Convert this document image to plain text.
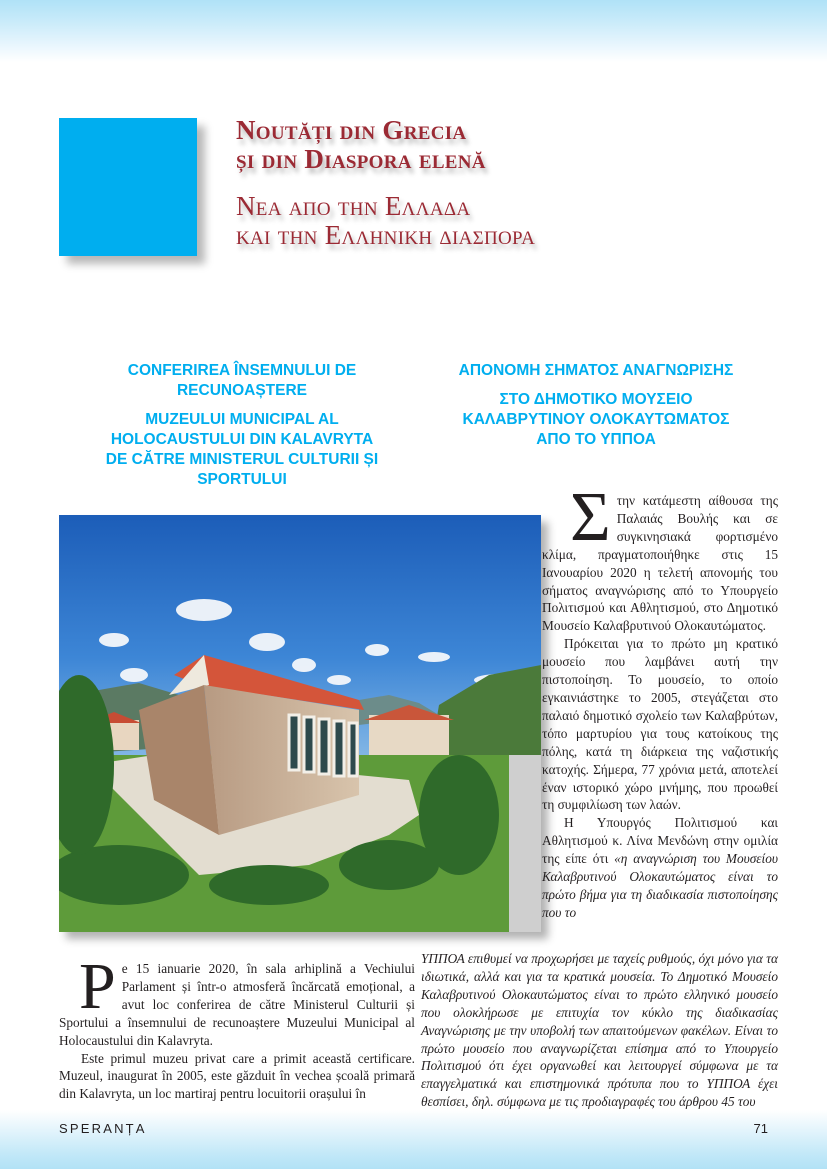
Noutăți din Grecia
și din Diaspora elenă
Νεα απο την Ελλαδα
και την Ελληνικη διασπορα
CONFERIREA ÎNSEMNULUI DE
RECUNOAȘTERE
MUZEULUI MUNICIPAL AL
HOLOCAUSTULUI DIN KALAVRYTA
DE CĂTRE MINISTERUL CULTURII ȘI
SPORTULUI
ΑΠΟΝΟΜΗ ΣΗΜΑΤΟΣ ΑΝΑΓΝΩΡΙΣΗΣ
ΣΤΟ ΔΗΜΟΤΙΚΟ ΜΟΥΣΕΙΟ
ΚΑΛΑΒΡΥΤΙΝΟΥ ΟΛΟΚΑΥΤΩΜΑΤΟΣ
ΑΠΟ ΤΟ ΥΠΠΟΑ

Σ την κατάμεστη αίθουσα της Παλαιάς Βουλής και σε συγκινησιακά φορτισμένο κλίμα, πραγματοποιήθηκε στις 15 Ιανουαρίου 2020 η τελετή απονομής του σήματος αναγνώρισης από το Υπουργείο Πολιτισμού και Αθλητισμού, στο Δημοτικό Μουσείο Καλαβρυτινού Ολοκαυτώματος.

Πρόκειται για το πρώτο μη κρατικό μουσείο που λαμβάνει αυτή την πιστοποίηση. Το μουσείο, το οποίο εγκαινιάστηκε το 2005, στεγάζεται στο παλαιό δημοτικό σχολείο των Καλαβρύτων, τόπο μαρτυρίου για τους κατοίκους της πόλης, κατά τη διάρκεια της ναζιστικής κατοχής. Σήμερα, 77 χρόνια μετά, αποτελεί έναν ιστορικό χώρο μνήμης, που προωθεί τη συμφιλίωση των λαών.

Η Υπουργός Πολιτισμού και Αθλητισμού κ. Λίνα Μενδώνη στην ομιλία της είπε ότι «η αναγνώριση του Μουσείου Καλαβρυτινού Ολοκαυτώματος είναι το πρώτο βήμα για τη διαδικασία πιστοποίησης που το

ΥΠΠΟΑ επιθυμεί να προχωρήσει με ταχείς ρυθμούς, όχι μόνο για τα ιδιωτικά, αλλά και για τα κρατικά μουσεία. Το Δημοτικό Μουσείο Καλαβρυτινού Ολοκαυτώματος είναι το πρώτο ελληνικό μουσείο που ολοκλήρωσε με επιτυχία τον κύκλο της διαδικασίας Αναγνώρισης με την υποβολή των απαιτούμενων φακέλων. Είναι το πρώτο μουσείο που αναγνωρίζεται επίσημα από το Υπουργείο Πολιτισμού ότι έχει οργανωθεί και λειτουργεί σύμφωνα με τα επαγγελματικά και επιστημονικά πρότυπα που το ΥΠΠΟΑ έχει θεσπίσει, δηλ. σύμφωνα με τις προδιαγραφές του άρθρου 45 του

P e 15 ianuarie 2020, în sala arhiplină a Vechiului Parlament și într-o atmosferă încărcată emoțional, a avut loc conferirea de către Ministerul Culturii și Sportului a însemnului de recunoaștere Muzeului Municipal al Holocaustului din Kalavryta.

Este primul muzeu privat care a primit această certificare. Muzeul, inaugurat în 2005, este găzduit în vechea școală primară din Kalavryta, un loc martiraj pentru locuitorii orașului în

SPERANȚA	71
